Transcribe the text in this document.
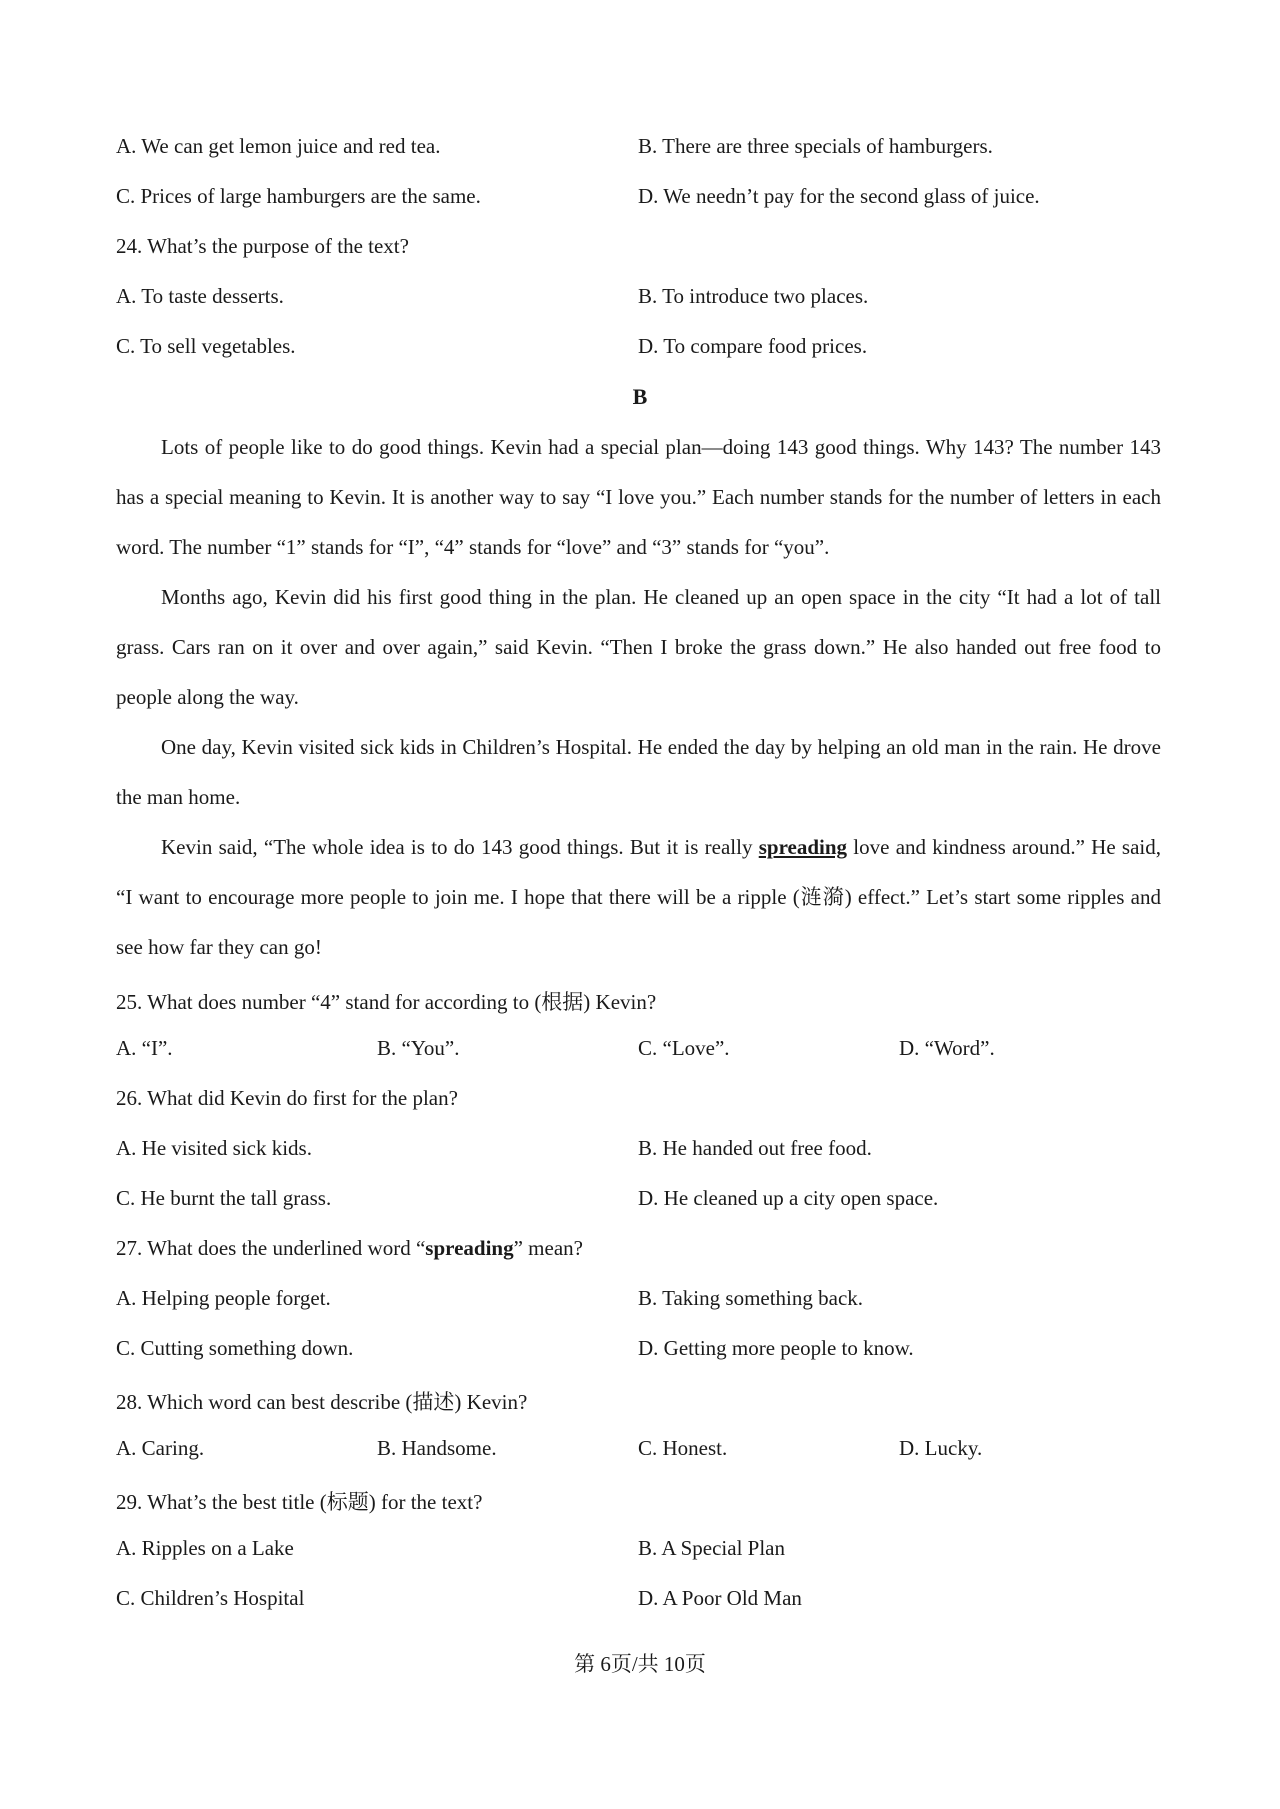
A. We can get lemon juice and red tea.	B. There are three specials of hamburgers.
C. Prices of large hamburgers are the same.	D. We needn’t pay for the second glass of juice.
24. What’s the purpose of the text?
A. To taste desserts.	B. To introduce two places.
C. To sell vegetables.	D. To compare food prices.
B
Lots of people like to do good things. Kevin had a special plan—doing 143 good things. Why 143? The number 143 has a special meaning to Kevin. It is another way to say “I love you.” Each number stands for the number of letters in each word. The number “1” stands for “I”, “4” stands for “love” and “3” stands for “you”.
Months ago, Kevin did his first good thing in the plan. He cleaned up an open space in the city “It had a lot of tall grass. Cars ran on it over and over again,” said Kevin. “Then I broke the grass down.” He also handed out free food to people along the way.
One day, Kevin visited sick kids in Children’s Hospital. He ended the day by helping an old man in the rain. He drove the man home.
Kevin said, “The whole idea is to do 143 good things. But it is really spreading love and kindness around.” He said, “I want to encourage more people to join me. I hope that there will be a ripple (涟漪) effect.” Let’s start some ripples and see how far they can go!
25. What does number “4” stand for according to (根据) Kevin?
A. “I”.	B. “You”.	C. “Love”.	D. “Word”.
26. What did Kevin do first for the plan?
A. He visited sick kids.	B. He handed out free food.
C. He burnt the tall grass.	D. He cleaned up a city open space.
27. What does the underlined word “spreading” mean?
A. Helping people forget.	B. Taking something back.
C. Cutting something down.	D. Getting more people to know.
28. Which word can best describe (描述) Kevin?
A. Caring.	B. Handsome.	C. Honest.	D. Lucky.
29. What’s the best title (标题) for the text?
A. Ripples on a Lake	B. A Special Plan
C. Children’s Hospital	D. A Poor Old Man
第 6页/共 10页
